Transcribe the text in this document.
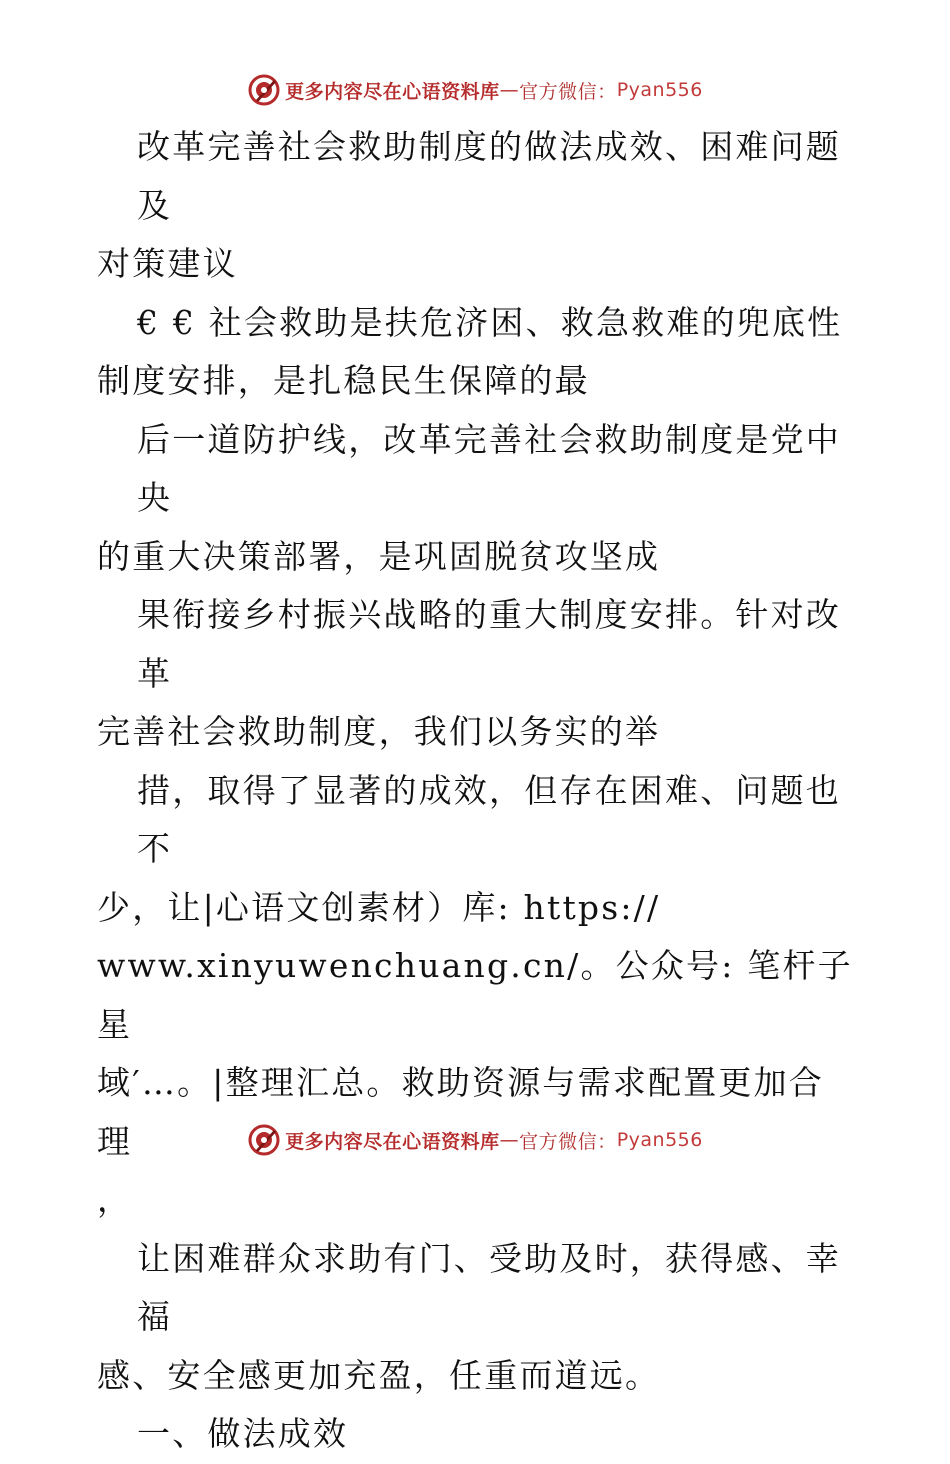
更多内容尽在心语资料库 — 官方微信： Pyan556

改革完善社会救助制度的做法成效、困难问题及
对策建议

€ € 社会救助是扶危济困、救急救难的兜底性
制度安排，是扎稳民生保障的最

后一道防护线，改革完善社会救助制度是党中央
的重大决策部署，是巩固脱贫攻坚成

果衔接乡村振兴战略的重大制度安排。针对改革
完善社会救助制度，我们以务实的举

措，取得了显著的成效，但存在困难、问题也不
少，让|心语文创素材）库: https://
www.xinyuwenchuang.cn/。公众号: 笔杆子星
域′…。|整理汇总。救助资源与需求配置更加合理
，

让困难群众求助有门、受助及时，获得感、幸福
感、安全感更加充盈，任重而道远。

一、做法成效

更多内容尽在心语资料库 — 官方微信： Pyan556
